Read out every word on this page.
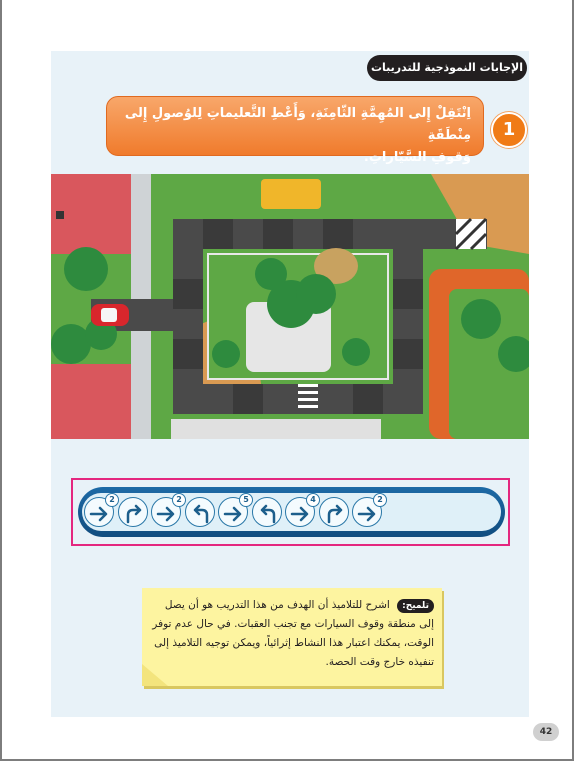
الإجابات النموذجية للتدريبات
1
اِنْتَقِلْ إِلى المُهِمَّةِ الثّامِنَةِ، وَأَعْطِ التَّعليماتِ لِلوُصولِ إِلى مِنْطَقَةِ
وَقوفِ السَّيّاراتِ.
2	2	5	4	2
تلميح: اشرح للتلاميذ أن الهدف من هذا التدريب هو أن يصل إلى منطقة وقوف السيارات مع تجنب العقبات. في حال عدم توفر الوقت، يمكنك اعتبار هذا النشاط إثرائياً، ويمكن توجيه التلاميذ إلى تنفيذه خارج وقت الحصة.
42
